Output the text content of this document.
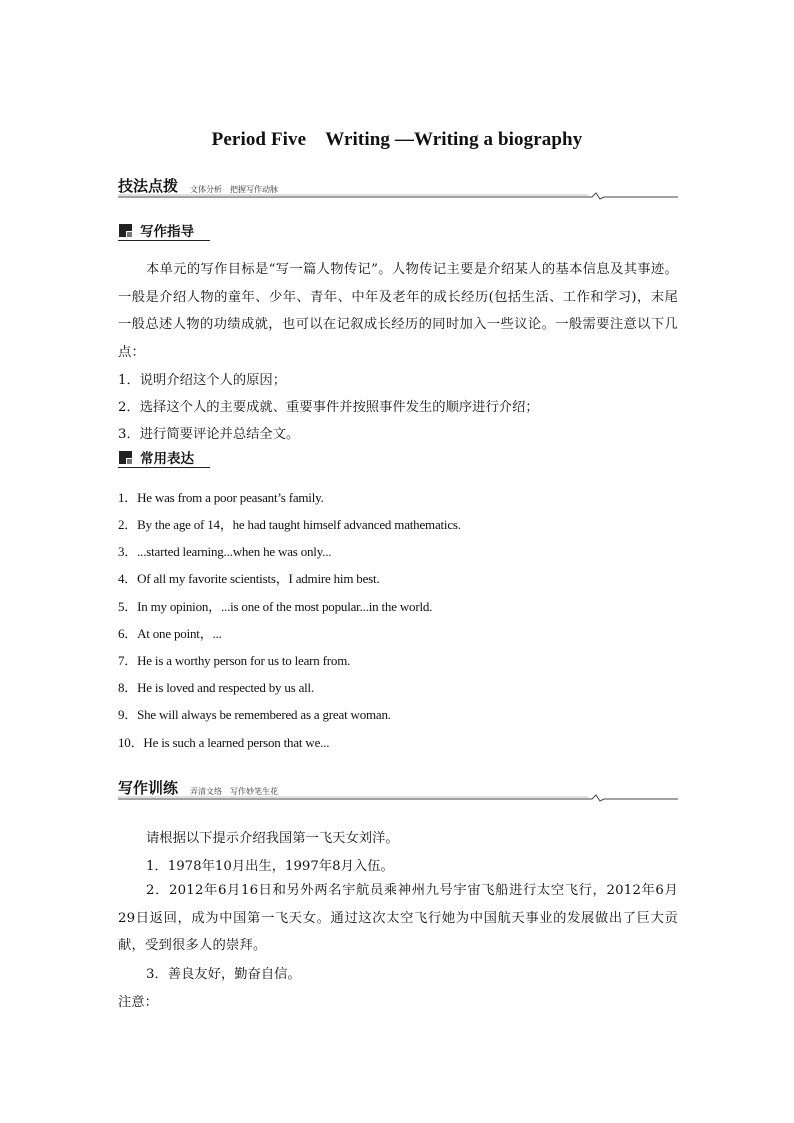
Period Five　Writing —Writing a biography
技法点拨 文体分析　把握写作动脉
写作指导
本单元的写作目标是“写一篇人物传记”。人物传记主要是介绍某人的基本信息及其事迹。一般是介绍人物的童年、少年、青年、中年及老年的成长经历(包括生活、工作和学习)，末尾一般总述人物的功绩成就，也可以在记叙成长经历的同时加入一些议论。一般需要注意以下几点：
1．说明介绍这个人的原因；
2．选择这个人的主要成就、重要事件并按照事件发生的顺序进行介绍；
3．进行简要评论并总结全文。
常用表达
1．He was from a poor peasant’s family.
2．By the age of 14，he had taught himself advanced mathematics.
3．...started learning...when he was only...
4．Of all my favorite scientists，I admire him best.
5．In my opinion，...is one of the most popular...in the world.
6．At one point，...
7．He is a worthy person for us to learn from.
8．He is loved and respected by us all.
9．She will always be remembered as a great woman.
10．He is such a learned person that we...
写作训练 弄清文络　写作妙笔生花
请根据以下提示介绍我国第一飞天女刘洋。
1．1978年10月出生，1997年8月入伍。
2．2012年6月16日和另外两名宇航员乘神州九号宇宙飞船进行太空飞行，2012年6月29日返回，成为中国第一飞天女。通过这次太空飞行她为中国航天事业的发展做出了巨大贡献，受到很多人的崇拜。
3．善良友好，勤奋自信。
注意：
